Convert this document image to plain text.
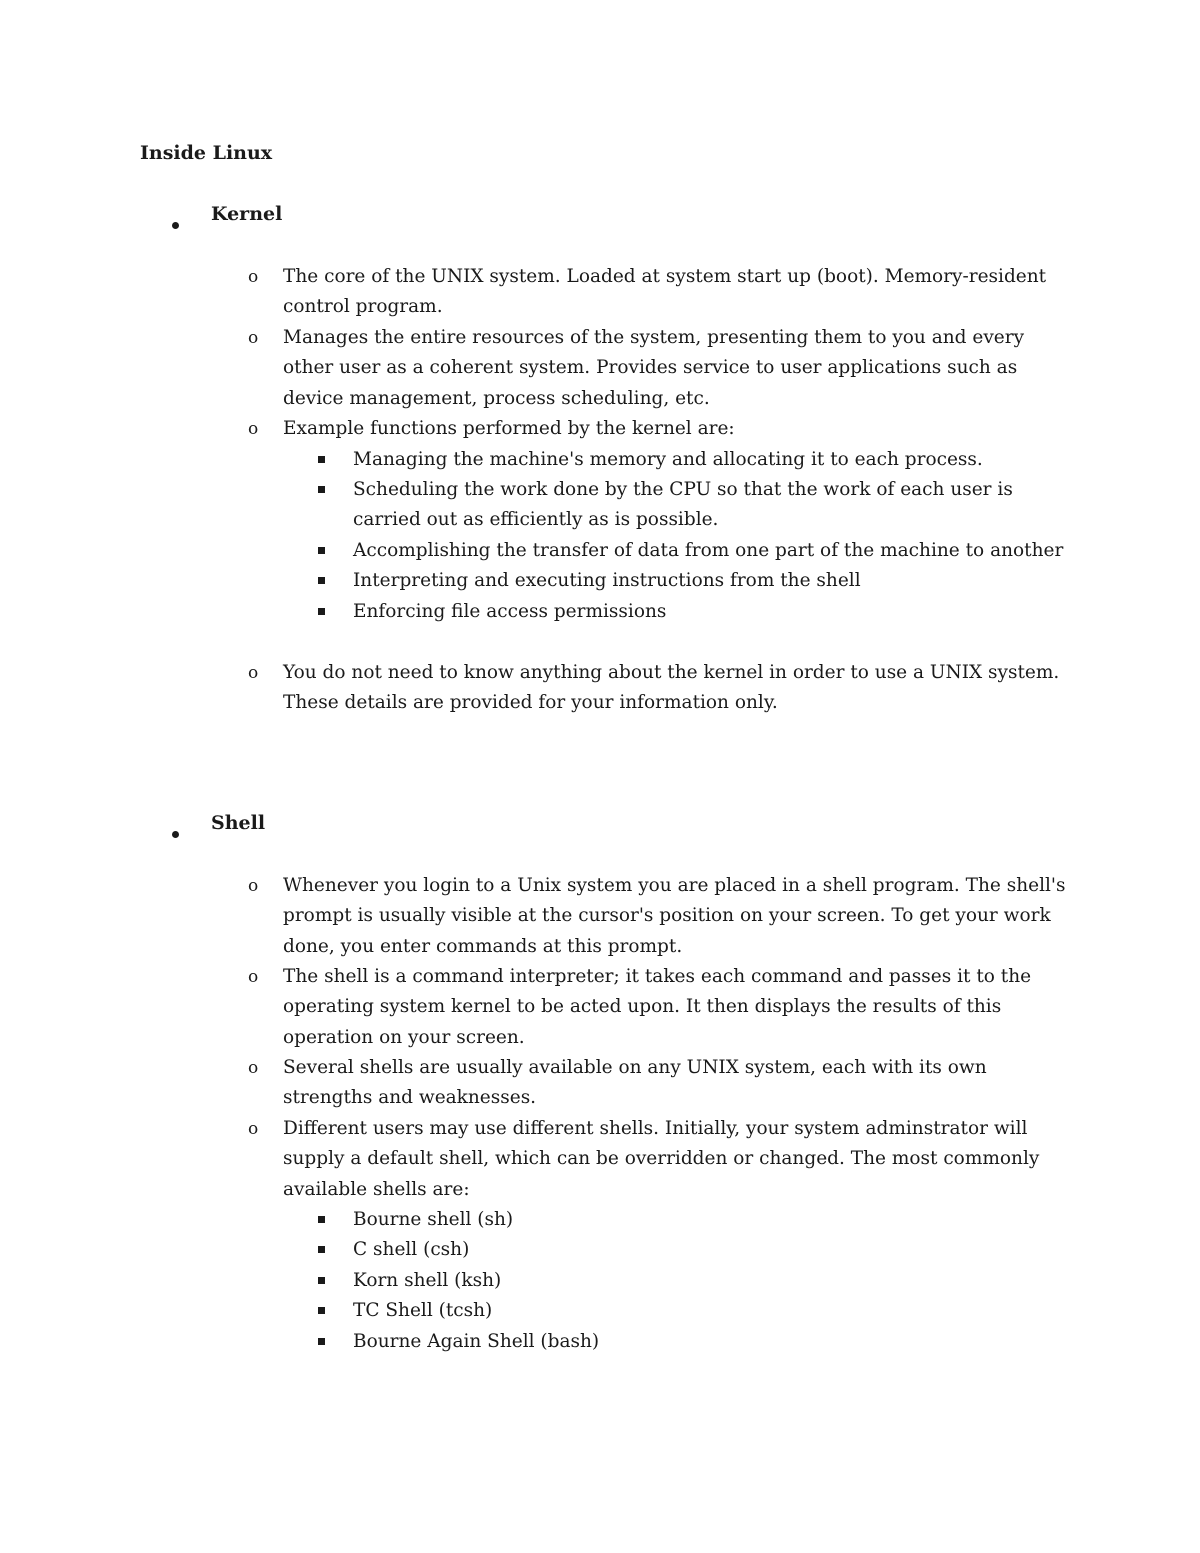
Inside Linux
Kernel
o The core of the UNIX system. Loaded at system start up (boot). Memory-resident control program.
o Manages the entire resources of the system, presenting them to you and every other user as a coherent system. Provides service to user applications such as device management, process scheduling, etc.
o Example functions performed by the kernel are:
Managing the machine's memory and allocating it to each process.
Scheduling the work done by the CPU so that the work of each user is carried out as efficiently as is possible.
Accomplishing the transfer of data from one part of the machine to another
Interpreting and executing instructions from the shell
Enforcing file access permissions
o You do not need to know anything about the kernel in order to use a UNIX system. These details are provided for your information only.
Shell
o Whenever you login to a Unix system you are placed in a shell program. The shell's prompt is usually visible at the cursor's position on your screen. To get your work done, you enter commands at this prompt.
o The shell is a command interpreter; it takes each command and passes it to the operating system kernel to be acted upon. It then displays the results of this operation on your screen.
o Several shells are usually available on any UNIX system, each with its own strengths and weaknesses.
o Different users may use different shells. Initially, your system adminstrator will supply a default shell, which can be overridden or changed. The most commonly available shells are:
Bourne shell (sh)
C shell (csh)
Korn shell (ksh)
TC Shell (tcsh)
Bourne Again Shell (bash)
